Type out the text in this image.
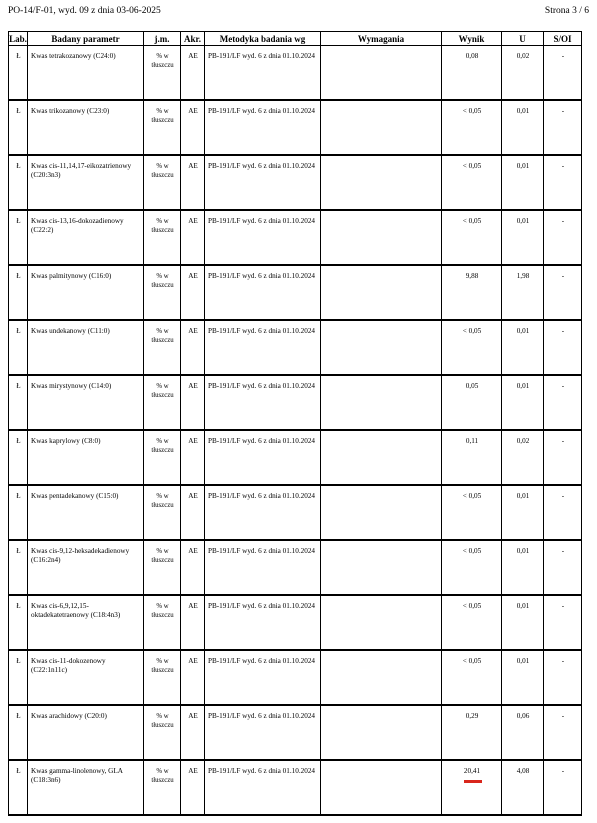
PO-14/F-01, wyd. 09 z dnia 03-06-2025	Strona 3 / 6
Lab.	Badany parametr	j.m.	Akr.	Metodyka badania wg	Wymagania	Wynik	U	S/OI
Ł	Kwas tetrakozanowy (C24:0)	% w tłuszczu	AE	PB-191/LF wyd. 6 z dnia 01.10.2024		0,08	0,02	-
Ł	Kwas trikozanowy (C23:0)	% w tłuszczu	AE	PB-191/LF wyd. 6 z dnia 01.10.2024		< 0,05	0,01	-
Ł	Kwas cis-11,14,17-eikozatrienowy (C20:3n3)	% w tłuszczu	AE	PB-191/LF wyd. 6 z dnia 01.10.2024		< 0,05	0,01	-
Ł	Kwas cis-13,16-dokozadienowy (C22:2)	% w tłuszczu	AE	PB-191/LF wyd. 6 z dnia 01.10.2024		< 0,05	0,01	-
Ł	Kwas palmitynowy (C16:0)	% w tłuszczu	AE	PB-191/LF wyd. 6 z dnia 01.10.2024		9,88	1,98	-
Ł	Kwas undekanowy (C11:0)	% w tłuszczu	AE	PB-191/LF wyd. 6 z dnia 01.10.2024		< 0,05	0,01	-
Ł	Kwas mirystynowy (C14:0)	% w tłuszczu	AE	PB-191/LF wyd. 6 z dnia 01.10.2024		0,05	0,01	-
Ł	Kwas kaprylowy (C8:0)	% w tłuszczu	AE	PB-191/LF wyd. 6 z dnia 01.10.2024		0,11	0,02	-
Ł	Kwas pentadekanowy (C15:0)	% w tłuszczu	AE	PB-191/LF wyd. 6 z dnia 01.10.2024		< 0,05	0,01	-
Ł	Kwas cis-9,12-heksadekadienowy (C16:2n4)	% w tłuszczu	AE	PB-191/LF wyd. 6 z dnia 01.10.2024		< 0,05	0,01	-
Ł	Kwas cis-6,9,12,15-oktadekatetraenowy (C18:4n3)	% w tłuszczu	AE	PB-191/LF wyd. 6 z dnia 01.10.2024		< 0,05	0,01	-
Ł	Kwas cis-11-dokozenowy (C22:1n11c)	% w tłuszczu	AE	PB-191/LF wyd. 6 z dnia 01.10.2024		< 0,05	0,01	-
Ł	Kwas arachidowy (C20:0)	% w tłuszczu	AE	PB-191/LF wyd. 6 z dnia 01.10.2024		0,29	0,06	-
Ł	Kwas gamma-linolenowy, GLA (C18:3n6)	% w tłuszczu	AE	PB-191/LF wyd. 6 z dnia 01.10.2024		20,41	4,08	-
